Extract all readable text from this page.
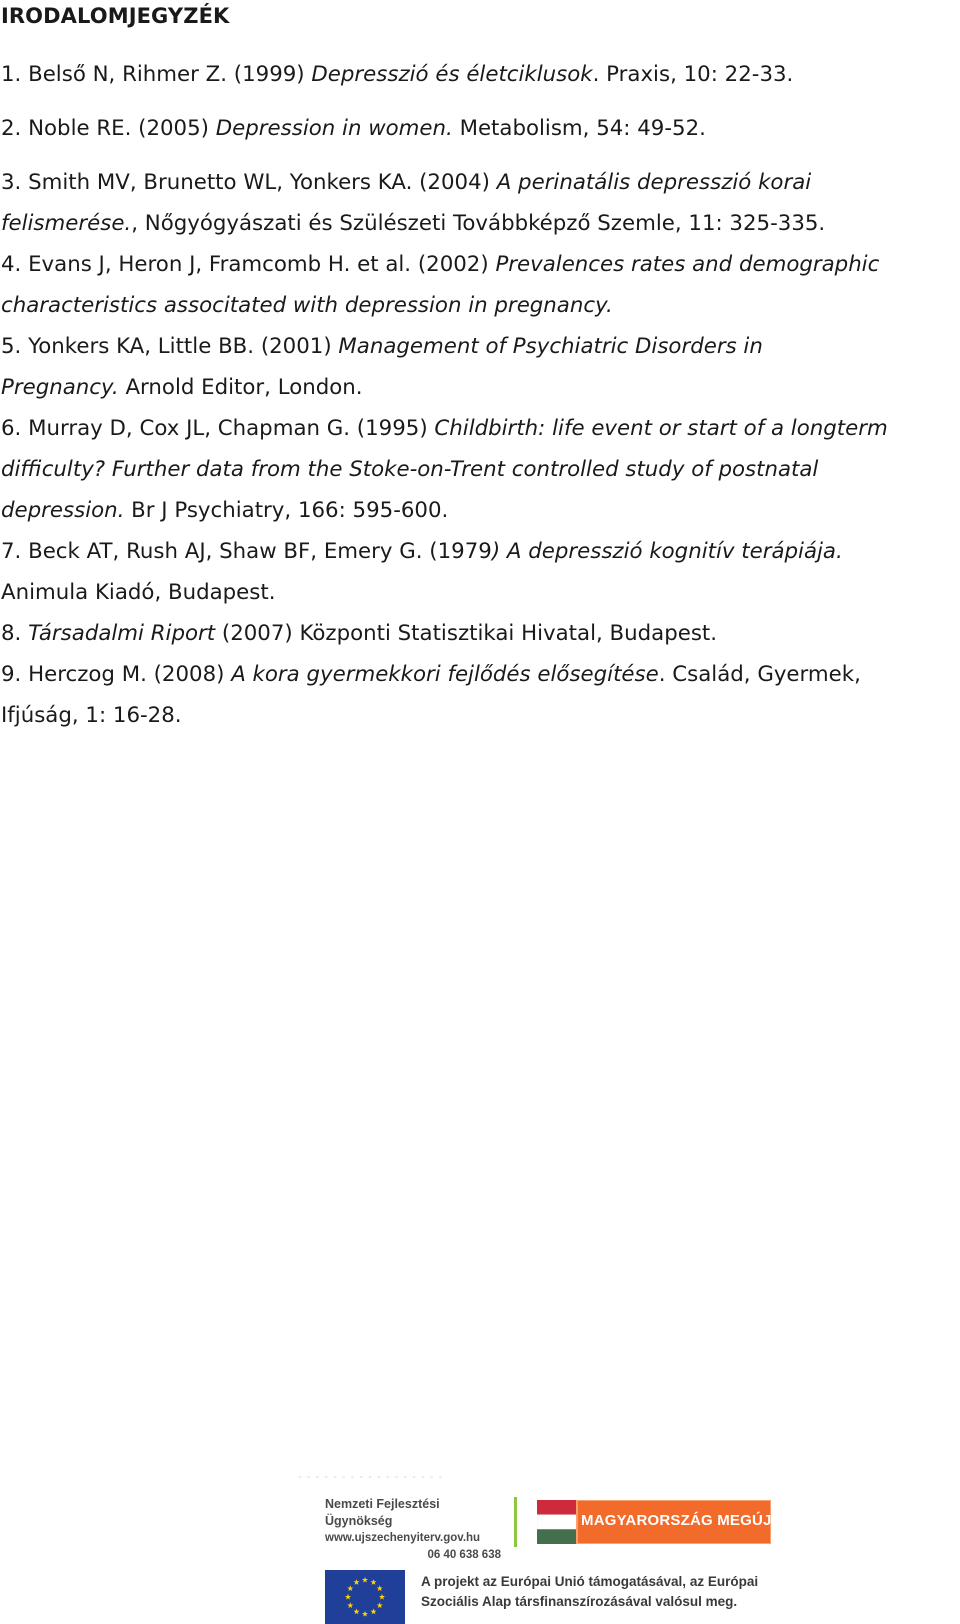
IRODALOMJEGYZÉK
1. Belső N, Rihmer Z. (1999) Depresszió és életciklusok. Praxis, 10: 22-33.
2. Noble RE. (2005) Depression in women. Metabolism, 54: 49-52.
3. Smith MV, Brunetto WL, Yonkers KA. (2004) A perinatális depresszió korai
felismerése., Nőgyógyászati és Szülészeti Továbbképző Szemle, 11: 325-335.
4. Evans J, Heron J, Framcomb H. et al. (2002) Prevalences rates and demographic
characteristics associtated with depression in pregnancy.
5. Yonkers KA, Little BB. (2001) Management of Psychiatric Disorders in
Pregnancy. Arnold Editor, London.
6. Murray D, Cox JL, Chapman G. (1995) Childbirth: life event or start of a longterm
difficulty? Further data from the Stoke-on-Trent controlled study of postnatal
depression. Br J Psychiatry, 166: 595-600.
7. Beck AT, Rush AJ, Shaw BF, Emery G. (1979) A depresszió kognitív terápiája.
Animula Kiadó, Budapest.
8. Társadalmi Riport (2007) Központi Statisztikai Hivatal, Budapest.
9. Herczog M. (2008) A kora gyermekkori fejlődés elősegítése. Család, Gyermek,
Ifjúság, 1: 16-28.
- - - - - - - - - - - - - - - - -
Nemzeti Fejlesztési Ügynökség
www.ujszechenyiterv.gov.hu
06 40 638 638
MAGYARORSZÁG MEGÚJUL
A projekt az Európai Unió támogatásával, az Európai
Szociális Alap társfinanszírozásával valósul meg.
